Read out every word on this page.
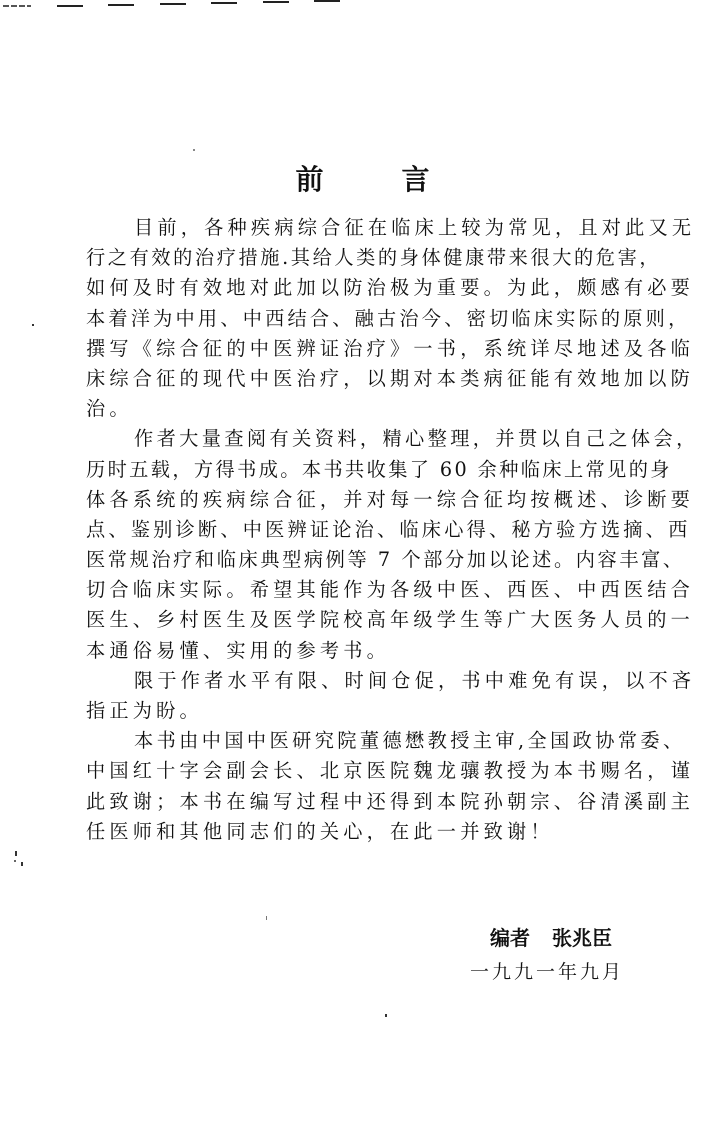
前	言
目前，各种疾病综合征在临床上较为常见，且对此又无
行之有效的治疗措施.其给人类的身体健康带来很大的危害，
如何及时有效地对此加以防治极为重要。为此，颇感有必要
本着洋为中用、中西结合、融古治今、密切临床实际的原则，
撰写《综合征的中医辨证治疗》一书，系统详尽地述及各临
床综合征的现代中医治疗，以期对本类病征能有效地加以防
治。
作者大量查阅有关资料，精心整理，并贯以自己之体会，
历时五载，方得书成。本书共收集了 60 余种临床上常见的身
体各系统的疾病综合征，并对每一综合征均按概述、诊断要
点、鉴别诊断、中医辨证论治、临床心得、秘方验方选摘、西
医常规治疗和临床典型病例等 7 个部分加以论述。内容丰富、
切合临床实际。希望其能作为各级中医、西医、中西医结合
医生、乡村医生及医学院校高年级学生等广大医务人员的一
本通俗易懂、实用的参考书。
限于作者水平有限、时间仓促，书中难免有误，以不吝
指正为盼。
本书由中国中医研究院董德懋教授主审,全国政协常委、
中国红十字会副会长、北京医院魏龙骧教授为本书赐名，谨
此致谢；本书在编写过程中还得到本院孙朝宗、谷清溪副主
任医师和其他同志们的关心，在此一并致谢！
编者 张兆臣
一九九一年九月
